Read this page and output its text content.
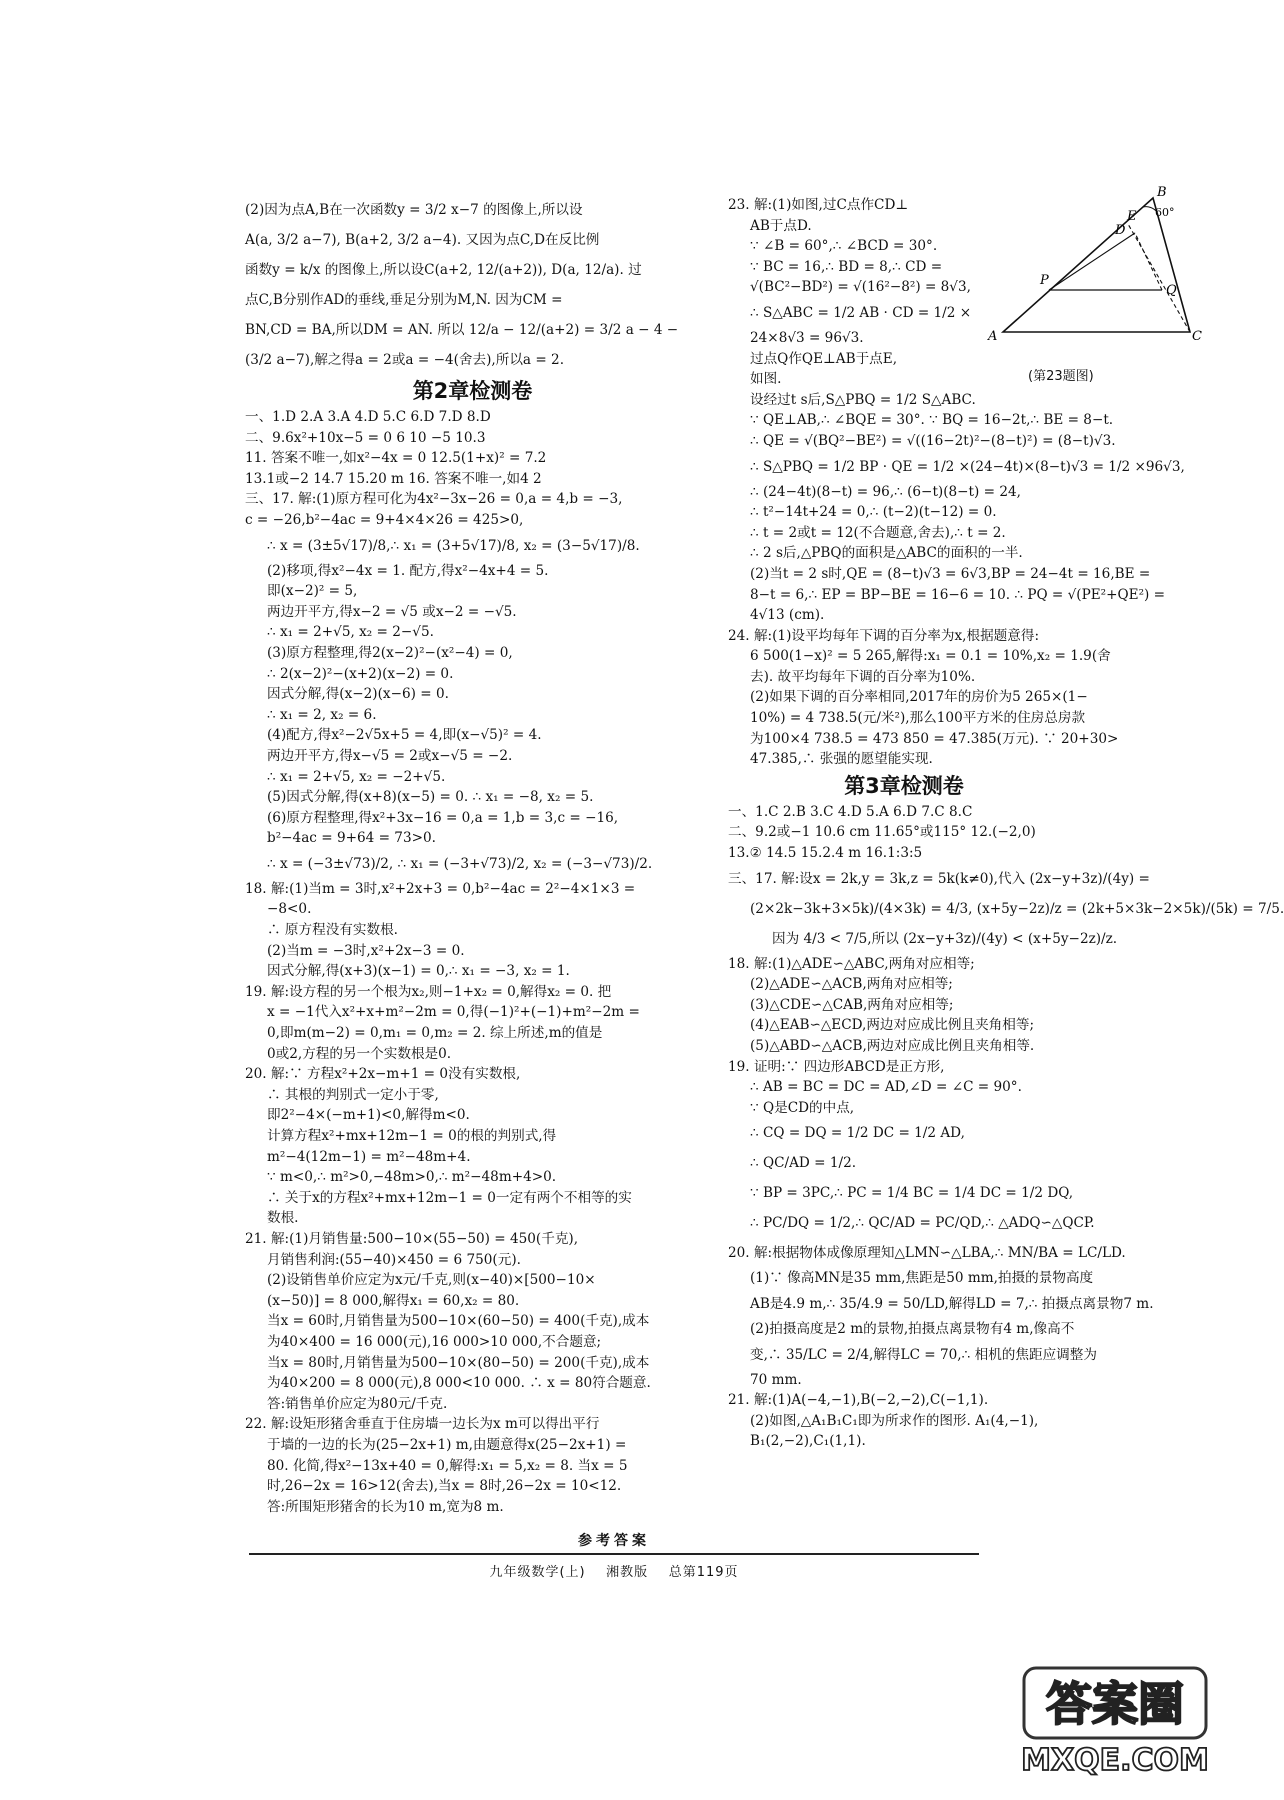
(2)因为点A,B在一次函数y = 3/2 x−7 的图像上,所以设
A(a, 3/2 a−7), B(a+2, 3/2 a−4). 又因为点C,D在反比例
函数y = k/x 的图像上,所以设C(a+2, 12/(a+2)), D(a, 12/a). 过
点C,B分别作AD的垂线,垂足分别为M,N. 因为CM =
BN,CD = BA,所以DM = AN. 所以 12/a − 12/(a+2) = 3/2 a − 4 −
(3/2 a−7),解之得a = 2或a = −4(舍去),所以a = 2.
第2章检测卷
一、1.D 2.A 3.A 4.D 5.C 6.D 7.D 8.D
二、9.6x²+10x−5 = 0 6 10 −5 10.3
11. 答案不唯一,如x²−4x = 0 12.5(1+x)² = 7.2
13.1或−2 14.7 15.20 m 16. 答案不唯一,如4 2
三、17. 解:(1)原方程可化为4x²−3x−26 = 0,a = 4,b = −3,
c = −26,b²−4ac = 9+4×4×26 = 425>0,
∴ x = (3±5√17)/8,∴ x₁ = (3+5√17)/8, x₂ = (3−5√17)/8.
(2)移项,得x²−4x = 1. 配方,得x²−4x+4 = 5.
即(x−2)² = 5,
两边开平方,得x−2 = √5 或x−2 = −√5.
∴ x₁ = 2+√5, x₂ = 2−√5.
(3)原方程整理,得2(x−2)²−(x²−4) = 0,
∴ 2(x−2)²−(x+2)(x−2) = 0.
因式分解,得(x−2)(x−6) = 0.
∴ x₁ = 2, x₂ = 6.
(4)配方,得x²−2√5x+5 = 4,即(x−√5)² = 4.
两边开平方,得x−√5 = 2或x−√5 = −2.
∴ x₁ = 2+√5, x₂ = −2+√5.
(5)因式分解,得(x+8)(x−5) = 0. ∴ x₁ = −8, x₂ = 5.
(6)原方程整理,得x²+3x−16 = 0,a = 1,b = 3,c = −16,
b²−4ac = 9+64 = 73>0.
∴ x = (−3±√73)/2, ∴ x₁ = (−3+√73)/2, x₂ = (−3−√73)/2.
18. 解:(1)当m = 3时,x²+2x+3 = 0,b²−4ac = 2²−4×1×3 =
−8<0.
∴ 原方程没有实数根.
(2)当m = −3时,x²+2x−3 = 0.
因式分解,得(x+3)(x−1) = 0,∴ x₁ = −3, x₂ = 1.
19. 解:设方程的另一个根为x₂,则−1+x₂ = 0,解得x₂ = 0. 把
x = −1代入x²+x+m²−2m = 0,得(−1)²+(−1)+m²−2m =
0,即m(m−2) = 0,m₁ = 0,m₂ = 2. 综上所述,m的值是
0或2,方程的另一个实数根是0.
20. 解:∵ 方程x²+2x−m+1 = 0没有实数根,
∴ 其根的判别式一定小于零,
即2²−4×(−m+1)<0,解得m<0.
计算方程x²+mx+12m−1 = 0的根的判别式,得
m²−4(12m−1) = m²−48m+4.
∵ m<0,∴ m²>0,−48m>0,∴ m²−48m+4>0.
∴ 关于x的方程x²+mx+12m−1 = 0一定有两个不相等的实
数根.
21. 解:(1)月销售量:500−10×(55−50) = 450(千克),
月销售利润:(55−40)×450 = 6 750(元).
(2)设销售单价应定为x元/千克,则(x−40)×[500−10×
(x−50)] = 8 000,解得x₁ = 60,x₂ = 80.
当x = 60时,月销售量为500−10×(60−50) = 400(千克),成本
为40×400 = 16 000(元),16 000>10 000,不合题意;
当x = 80时,月销售量为500−10×(80−50) = 200(千克),成本
为40×200 = 8 000(元),8 000<10 000. ∴ x = 80符合题意.
答:销售单价应定为80元/千克.
22. 解:设矩形猪舍垂直于住房墙一边长为x m可以得出平行
于墙的一边的长为(25−2x+1) m,由题意得x(25−2x+1) =
80. 化简,得x²−13x+40 = 0,解得:x₁ = 5,x₂ = 8. 当x = 5
时,26−2x = 16>12(舍去),当x = 8时,26−2x = 10<12.
答:所围矩形猪舍的长为10 m,宽为8 m.
23. 解:(1)如图,过C点作CD⊥
AB于点D.
∵ ∠B = 60°,∴ ∠BCD = 30°.
∵ BC = 16,∴ BD = 8,∴ CD =
√(BC²−BD²) = √(16²−8²) = 8√3,
∴ S△ABC = 1/2 AB · CD = 1/2 ×
24×8√3 = 96√3.
过点Q作QE⊥AB于点E,
如图.
设经过t s后,S△PBQ = 1/2 S△ABC.
∵ QE⊥AB,∴ ∠BQE = 30°. ∵ BQ = 16−2t,∴ BE = 8−t.
∴ QE = √(BQ²−BE²) = √((16−2t)²−(8−t)²) = (8−t)√3.
∴ S△PBQ = 1/2 BP · QE = 1/2 ×(24−4t)×(8−t)√3 = 1/2 ×96√3,
∴ (24−4t)(8−t) = 96,∴ (6−t)(8−t) = 24,
∴ t²−14t+24 = 0,∴ (t−2)(t−12) = 0.
∴ t = 2或t = 12(不合题意,舍去),∴ t = 2.
∴ 2 s后,△PBQ的面积是△ABC的面积的一半.
(2)当t = 2 s时,QE = (8−t)√3 = 6√3,BP = 24−4t = 16,BE =
8−t = 6,∴ EP = BP−BE = 16−6 = 10. ∴ PQ = √(PE²+QE²) =
4√13 (cm).
24. 解:(1)设平均每年下调的百分率为x,根据题意得:
6 500(1−x)² = 5 265,解得:x₁ = 0.1 = 10%,x₂ = 1.9(舍
去). 故平均每年下调的百分率为10%.
(2)如果下调的百分率相同,2017年的房价为5 265×(1−
10%) = 4 738.5(元/米²),那么100平方米的住房总房款
为100×4 738.5 = 473 850 = 47.385(万元). ∵ 20+30>
47.385,∴ 张强的愿望能实现.
第3章检测卷
一、1.C 2.B 3.C 4.D 5.A 6.D 7.C 8.C
二、9.2或−1 10.6 cm 11.65°或115° 12.(−2,0)
13.② 14.5 15.2.4 m 16.1:3:5
三、17. 解:设x = 2k,y = 3k,z = 5k(k≠0),代入 (2x−y+3z)/(4y) =
(2×2k−3k+3×5k)/(4×3k) = 4/3, (x+5y−2z)/z = (2k+5×3k−2×5k)/(5k) = 7/5.
因为 4/3 < 7/5,所以 (2x−y+3z)/(4y) < (x+5y−2z)/z.
18. 解:(1)△ADE∽△ABC,两角对应相等;
(2)△ADE∽△ACB,两角对应相等;
(3)△CDE∽△CAB,两角对应相等;
(4)△EAB∽△ECD,两边对应成比例且夹角相等;
(5)△ABD∽△ACB,两边对应成比例且夹角相等.
19. 证明:∵ 四边形ABCD是正方形,
∴ AB = BC = DC = AD,∠D = ∠C = 90°.
∵ Q是CD的中点,
∴ CQ = DQ = 1/2 DC = 1/2 AD,
∴ QC/AD = 1/2.
∵ BP = 3PC,∴ PC = 1/4 BC = 1/4 DC = 1/2 DQ,
∴ PC/DQ = 1/2,∴ QC/AD = PC/QD,∴ △ADQ∽△QCP.
20. 解:根据物体成像原理知△LMN∽△LBA,∴ MN/BA = LC/LD.
(1)∵ 像高MN是35 mm,焦距是50 mm,拍摄的景物高度
AB是4.9 m,∴ 35/4.9 = 50/LD,解得LD = 7,∴ 拍摄点离景物7 m.
(2)拍摄高度是2 m的景物,拍摄点离景物有4 m,像高不
变,∴ 35/LC = 2/4,解得LC = 70,∴ 相机的焦距应调整为
70 mm.
21. 解:(1)A(−4,−1),B(−2,−2),C(−1,1).
(2)如图,△A₁B₁C₁即为所求作的图形. A₁(4,−1),
B₁(2,−2),C₁(1,1).
B
60°
E
D
P
Q
A	C
(第23题图)
参考答案
九年级数学(上) 湘教版 总第119页
答案圈
MXQE.COM
